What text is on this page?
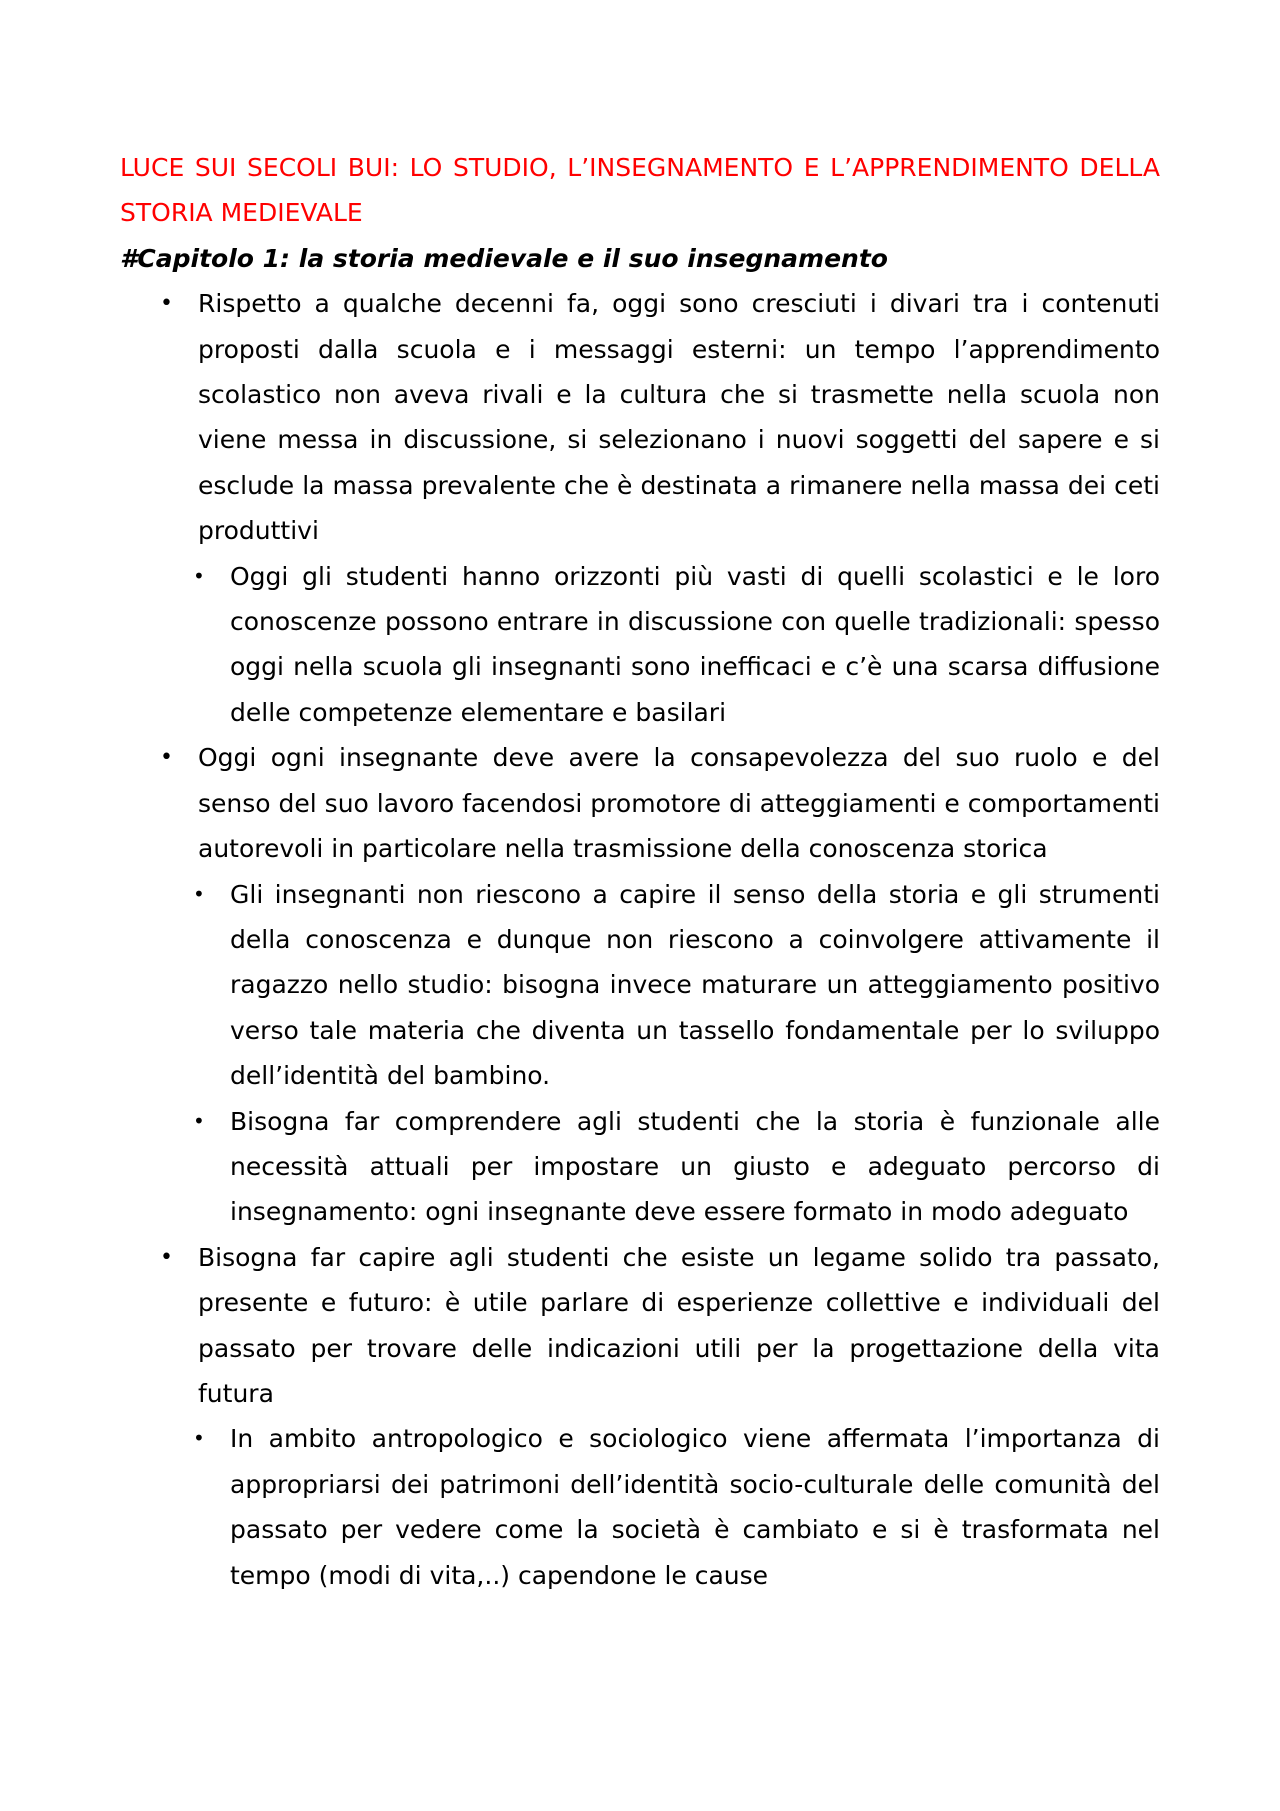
LUCE SUI SECOLI BUI: LO STUDIO, L’INSEGNAMENTO E L’APPRENDIMENTO DELLA STORIA MEDIEVALE

#Capitolo 1: la storia medievale e il suo insegnamento

• Rispetto a qualche decenni fa, oggi sono cresciuti i divari tra i contenuti proposti dalla scuola e i messaggi esterni: un tempo l’apprendimento scolastico non aveva rivali e la cultura che si trasmette nella scuola non viene messa in discussione, si selezionano i nuovi soggetti del sapere e si esclude la massa prevalente che è destinata a rimanere nella massa dei ceti produttivi
• Oggi gli studenti hanno orizzonti più vasti di quelli scolastici e le loro conoscenze possono entrare in discussione con quelle tradizionali: spesso oggi nella scuola gli insegnanti sono inefficaci e c’è una scarsa diffusione delle competenze elementare e basilari
• Oggi ogni insegnante deve avere la consapevolezza del suo ruolo e del senso del suo lavoro facendosi promotore di atteggiamenti e comportamenti autorevoli in particolare nella trasmissione della conoscenza storica
• Gli insegnanti non riescono a capire il senso della storia e gli strumenti della conoscenza e dunque non riescono a coinvolgere attivamente il ragazzo nello studio: bisogna invece maturare un atteggiamento positivo verso tale materia che diventa un tassello fondamentale per lo sviluppo dell’identità del bambino.
• Bisogna far comprendere agli studenti che la storia è funzionale alle necessità attuali per impostare un giusto e adeguato percorso di insegnamento: ogni insegnante deve essere formato in modo adeguato
• Bisogna far capire agli studenti che esiste un legame solido tra passato, presente e futuro: è utile parlare di esperienze collettive e individuali del passato per trovare delle indicazioni utili per la progettazione della vita futura
• In ambito antropologico e sociologico viene affermata l’importanza di appropriarsi dei patrimoni dell’identità socio-culturale delle comunità del passato per vedere come la società è cambiato e si è trasformata nel tempo (modi di vita,..) capendone le cause
